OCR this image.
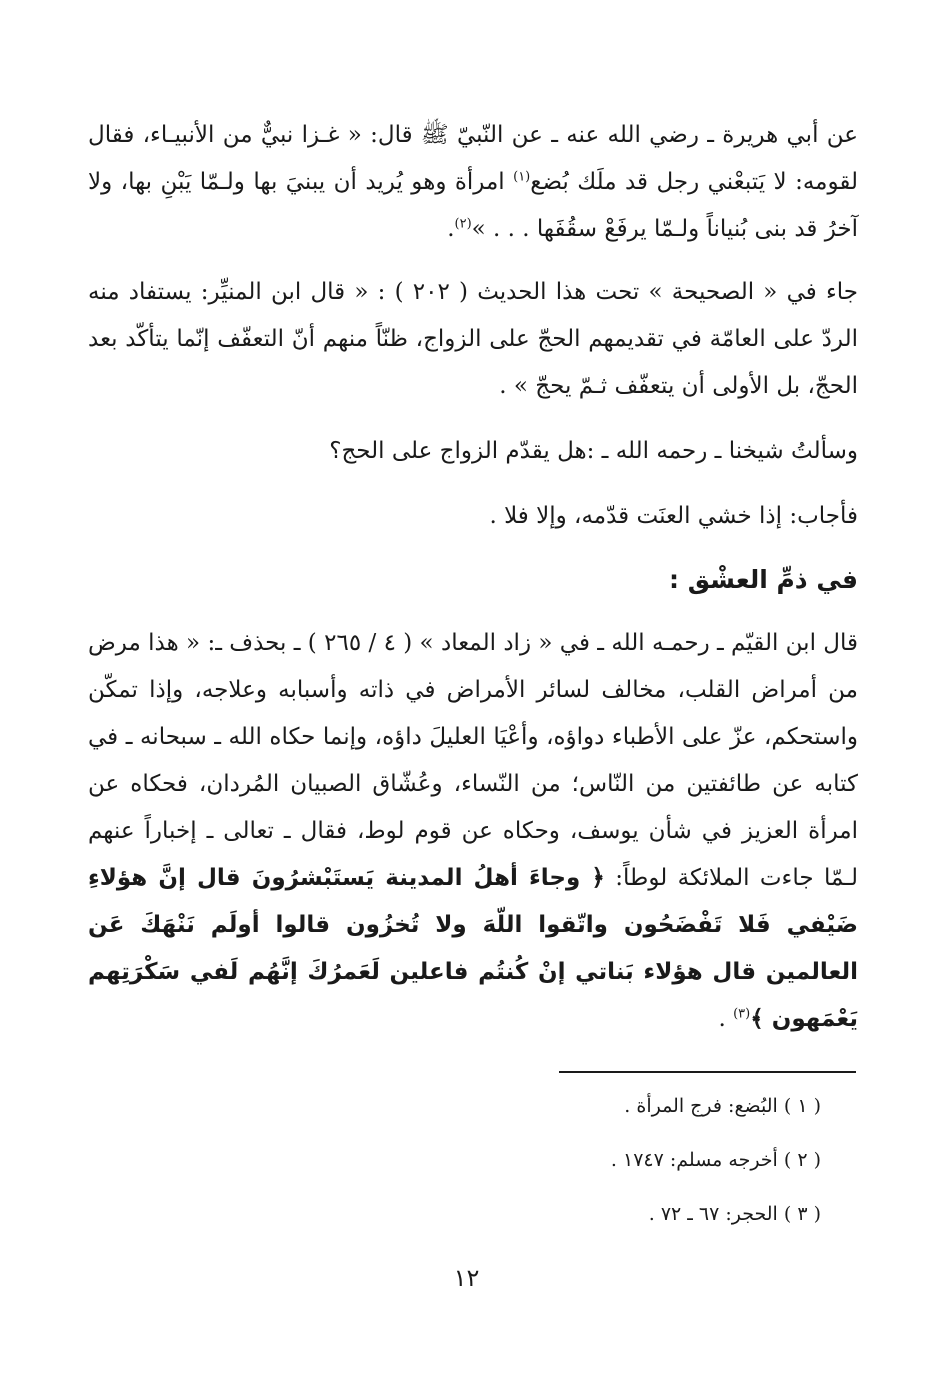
عن أبي هريرة ـ رضي الله عنه ـ عن النّبيّ ﷺ قال: « غـزا نبيٌّ من الأنبيـاء، فقال لقومه: لا يَتبعْني رجل قد ملَك بُضع$^{(١)}$ امرأة وهو يُريد أن يبنيَ بها ولـمّا يَبْنِ بها، ولا آخرُ قد بنى بُنياناً ولـمّا يرفَعْ سقُفَها . . . »$^{(٢)}$.

جاء في « الصحيحة » تحت هذا الحديث ( ٢٠٢ ) : « قال ابن المنيِّر: يستفاد منه الردّ على العامّة في تقديمهم الحجّ على الزواج، ظنّاً منهم أنّ التعفّف إنّما يتأكّد بعد الحجّ، بل الأولى أن يتعفّف ثـمّ يحجّ » .

وسألتُ شيخنا ـ رحمه الله ـ :هل يقدّم الزواج على الحج؟

فأجاب: إذا خشي العنَت قدّمه، وإلا فلا .

في ذمِّ العشْق :

قال ابن القيّم ـ رحمـه الله ـ في « زاد المعاد » ( ٤ / ٢٦٥ ) ـ بحذف ـ: « هذا مرض من أمراض القلب، مخالف لسائر الأمراض في ذاته وأسبابه وعلاجه، وإذا تمكّن واستحكم، عزّ على الأطباء دواؤه، وأعْيَا العليلَ داؤه، وإنما حكاه الله ـ سبحانه ـ في كتابه عن طائفتين من النّاس؛ من النّساء، وعُشّاق الصبيان المُردان، فحكاه عن امرأة العزيز في شأن يوسف، وحكاه عن قوم لوط، فقال ـ تعالى ـ إخباراً عنهم لـمّا جاءت الملائكة لوطاً: ﴿ وجاءَ أهلُ المدينة يَستَبْشرُونَ قال إنَّ هؤلاءِ ضَيْفي فَلا تَفْضَحُون واتّقوا اللّهَ ولا تُخزُون قالوا أولَم نَنْهَكَ عَن العالمين قال هؤلاء بَناتي إنْ كُنتُم فاعلين لَعَمرُكَ إنَّهُم لَفي سَكْرَتِهم يَعْمَهون ﴾$^{(٣)}$ .

( ١ ) البُضع: فرج المرأة .

( ٢ ) أخرجه مسلم: ١٧٤٧ .

( ٣ ) الحجر: ٦٧ ـ ٧٢ .

١٢
